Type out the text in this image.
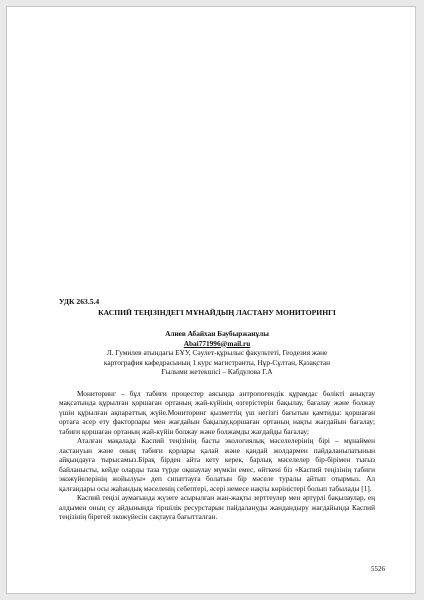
УДК 263.5.4
КАСПИЙ ТЕҢІЗІНДЕГІ МҰНАЙДЫҢ ЛАСТАНУ МОНИТОРИНГІ
Алиев Абайхан Баубыржанұлы
Abai771996@mail.ru
Л. Гумилев атындағы ЕҰУ, Сәулет-құрылыс факультеті, Геодезия және
картография кафедрасының 1 курс магистранты, Нұр-Сұлтан, Қазақстан
Ғылыми жетекшісі – Кабдулова Г.А
Мониторинг – бұл табиғи процестер аясында антропогендік құрамдас бөлікті анықтау мақсатында құрылған қоршаған ортаның жай-күйінің өзгерістерін бақылау, бағалау және болжау үшін құрылған ақпараттық жүйе.Мониторинг қызметтің үш негізгі бағытын қамтиды: қоршаған ортаға әсер ету факторлары мен жағдайын бақылау,қоршаған ортаның нақты жағдайын бағалау; табиғи қоршаған ортаның жай-күйін болжау және болжамды жағдайды бағалау;
Аталған мақалада Каспий теңізінің басты экологиялық мәселелерінің бірі – мұнаймен ластануын және оның табиғи қорлары қалай және қандай жолдармен пайдаланылатынын айқындауға тырысамыз.Бірақ бірден айта кету керек, барлық мәселелер бір-бірімен тығыз байланысты, кейде оларды таза түрде оқшаулау мүмкін емес, өйткені біз «Каспий теңізінің табиғи экожүйелерінің жойылуы» деп сипаттауға болатын бір мәселе туралы айтып отырмыз. Ал қалғандары осы жаһандық мәселенің себептері, әсері немесе нақты көріністері болып табылады [1].
Каспий теңізі аумағында жүзеге асырылған жан-жақты зерттеулер мен әртүрлі бақылаулар, ең алдымен оның су айдынында тіршілік ресурстарын пайдалануды жандандыру жағдайында Каспий теңізінің бірегей экожүйесін сақтауға бағытталған.
5526
